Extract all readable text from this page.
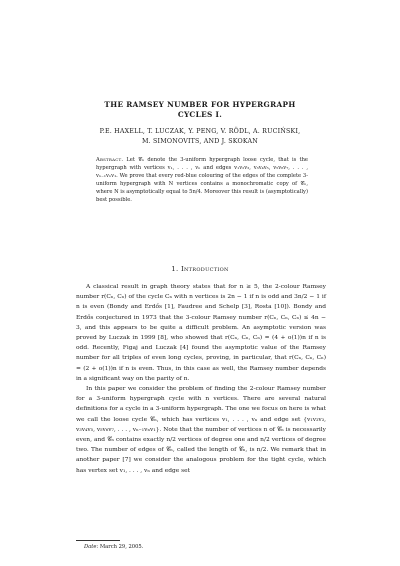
THE RAMSEY NUMBER FOR HYPERGRAPH
CYCLES I.
P.E. HAXELL, T. LUCZAK, Y. PENG, V. RÖDL, A. RUCIŃSKI,
M. SIMONOVITS, AND J. SKOKAN
Abstract. Let 𝒞ₙ denote the 3-uniform hypergraph loose cycle, that is the hypergraph with vertices v₁, . . . , vₙ and edges v₁v₂v₃, v₃v₄v₅, v₅v₆v₇, . . . , vₙ₋₁vₙv₁. We prove that every red-blue colouring of the edges of the complete 3-uniform hypergraph with N vertices contains a monochromatic copy of 𝒞ₙ, where N is asymptotically equal to 5n/4. Moreover this result is (asymptotically) best possible.
1. Introduction

A classical result in graph theory states that for n ≥ 5, the 2-colour Ramsey number r(Cₙ, Cₙ) of the cycle Cₙ with n vertices is 2n − 1 if n is odd and 3n/2 − 1 if n is even (Bondy and Erdős [1], Faudree and Schelp [3], Rosta [10]). Bondy and Erdős conjectured in 1973 that the 3-colour Ramsey number r(Cₙ, Cₙ, Cₙ) ≤ 4n − 3, and this appears to be quite a difficult problem. An asymptotic version was proved by Luczak in 1999 [8], who showed that r(Cₙ, Cₙ, Cₙ) = (4 + o(1))n if n is odd. Recently, Figaj and Luczak [4] found the asymptotic value of the Ramsey number for all triples of even long cycles, proving, in particular, that r(Cₙ, Cₙ, Cₙ) = (2 + o(1))n if n is even. Thus, in this case as well, the Ramsey number depends in a significant way on the parity of n.

In this paper we consider the problem of finding the 2-colour Ramsey number for a 3-uniform hypergraph cycle with n vertices. There are several natural definitions for a cycle in a 3-uniform hypergraph. The one we focus on here is what we call the loose cycle 𝒞ₙ, which has vertices v₁, . . . , vₙ and edge set {v₁v₂v₃, v₃v₄v₅, v₅v₆v₇, . . . , vₙ₋₁vₙv₁}. Note that the number of vertices n of 𝒞ₙ is necessarily even, and 𝒞ₙ contains exactly n/2 vertices of degree one and n/2 vertices of degree two. The number of edges of 𝒞ₙ, called the length of 𝒞ₙ, is n/2. We remark that in another paper [7] we consider the analogous problem for the tight cycle, which has vertex set v₁, . . . , vₙ and edge set

Date: March 29, 2005.
